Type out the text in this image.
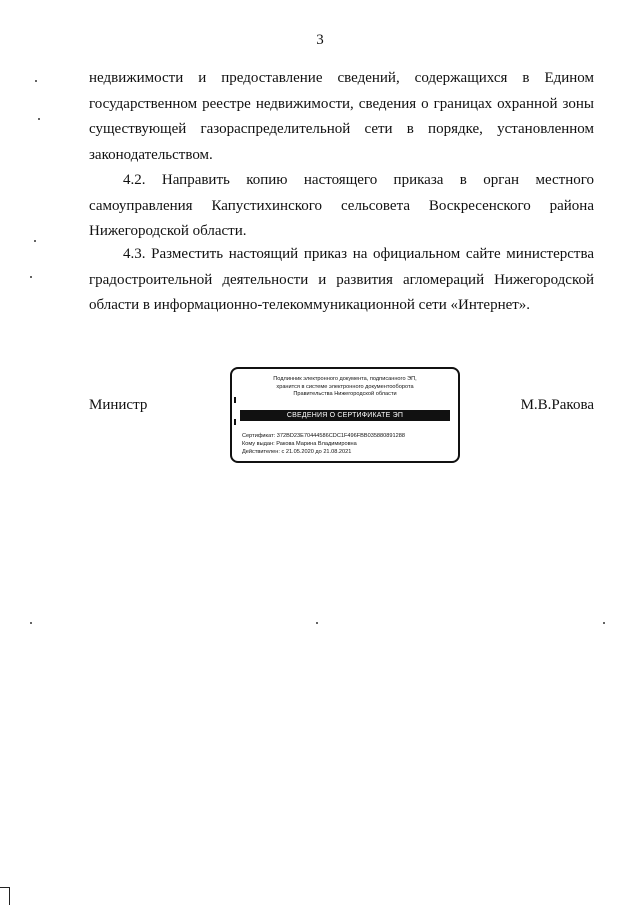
3

недвижимости и предоставление сведений, содержащихся в Едином государственном реестре недвижимости, сведения о границах охранной зоны существующей газораспределительной сети в порядке, установленном законодательством.

4.2. Направить копию настоящего приказа в орган местного самоуправления Капустихинского сельсовета Воскресенского района Нижегородской области.

4.3. Разместить настоящий приказ на официальном сайте министерства градостроительной деятельности и развития агломераций Нижегородской области в информационно-телекоммуникационной сети «Интернет».

Министр
Подлинник электронного документа, подписанного ЭП,
хранится в системе электронного документооборота
Правительства Нижегородской области
СВЕДЕНИЯ О СЕРТИФИКАТЕ ЭП
Сертификат: 372BD23E70444586CDC1F496FBB035880891288
Кому выдан: Ракова Марина Владимировна
Действителен: с 21.05.2020 до 21.08.2021
М.В.Ракова
